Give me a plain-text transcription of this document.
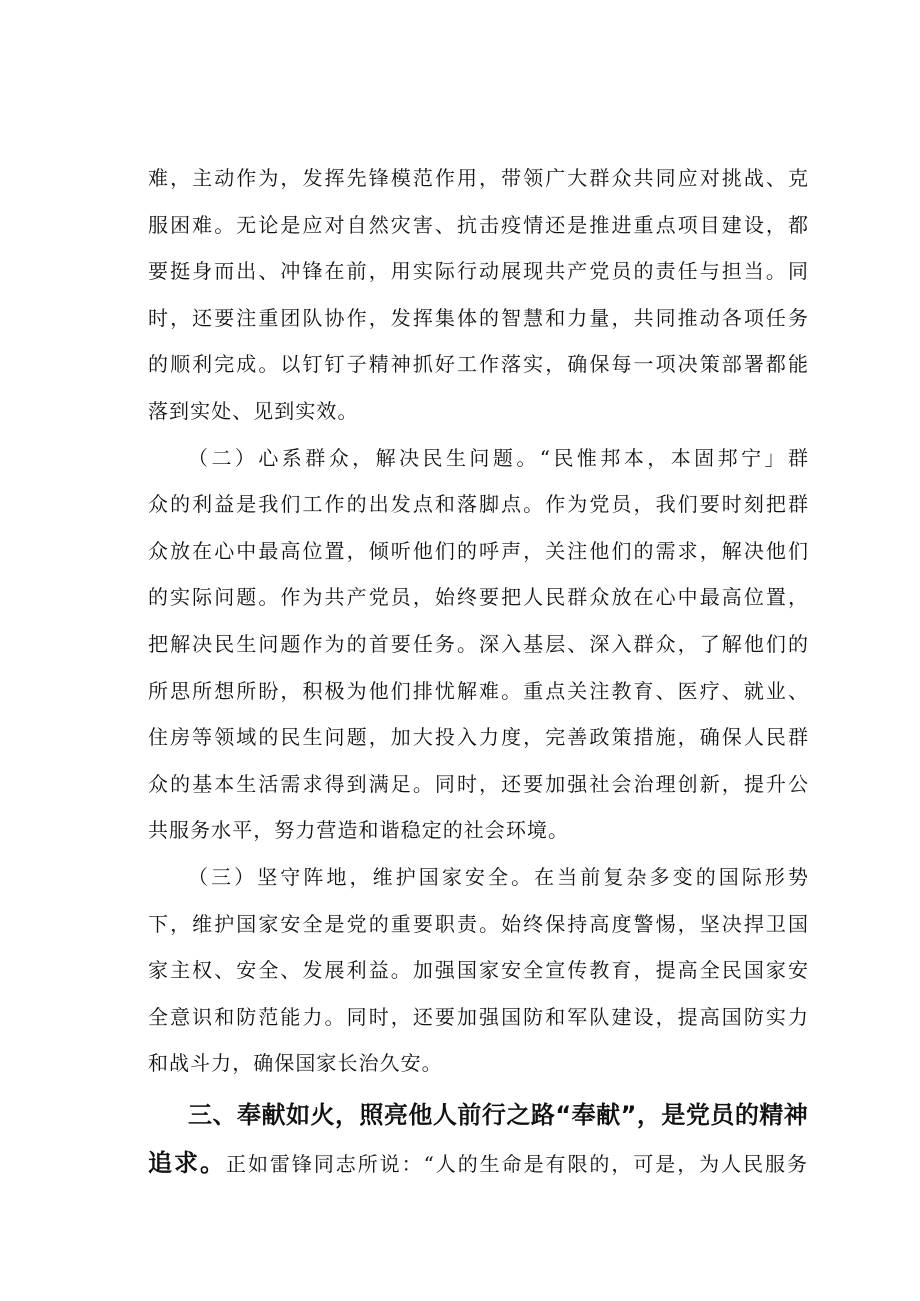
难，主动作为，发挥先锋模范作用，带领广大群众共同应对挑战、克
服困难。无论是应对自然灾害、抗击疫情还是推进重点项目建设，都
要挺身而出、冲锋在前，用实际行动展现共产党员的责任与担当。同
时，还要注重团队协作，发挥集体的智慧和力量，共同推动各项任务
的顺利完成。以钉钉子精神抓好工作落实，确保每一项决策部署都能
落到实处、见到实效。
（二）心系群众，解决民生问题。“民惟邦本，本固邦宁」群
众的利益是我们工作的出发点和落脚点。作为党员，我们要时刻把群
众放在心中最高位置，倾听他们的呼声，关注他们的需求，解决他们
的实际问题。作为共产党员，始终要把人民群众放在心中最高位置，
把解决民生问题作为的首要任务。深入基层、深入群众，了解他们的
所思所想所盼，积极为他们排忧解难。重点关注教育、医疗、就业、
住房等领域的民生问题，加大投入力度，完善政策措施，确保人民群
众的基本生活需求得到满足。同时，还要加强社会治理创新，提升公
共服务水平，努力营造和谐稳定的社会环境。
（三）坚守阵地，维护国家安全。在当前复杂多变的国际形势
下，维护国家安全是党的重要职责。始终保持高度警惕，坚决捍卫国
家主权、安全、发展利益。加强国家安全宣传教育，提高全民国家安
全意识和防范能力。同时，还要加强国防和军队建设，提高国防实力
和战斗力，确保国家长治久安。
三、奉献如火，照亮他人前行之路“奉献”，是党员的精神
追求。正如雷锋同志所说：“人的生命是有限的，可是，为人民服务
